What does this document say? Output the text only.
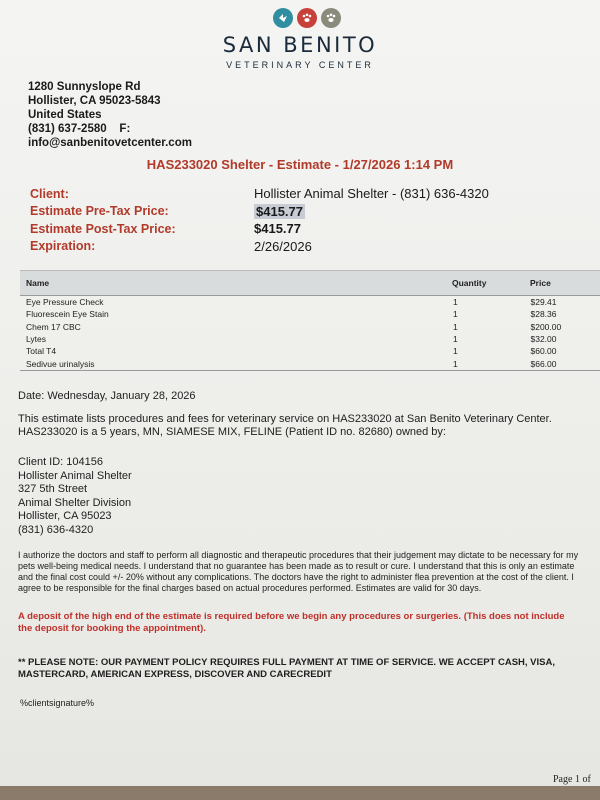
SAN BENITO
VETERINARY CENTER
1280 Sunnyslope Rd
Hollister, CA 95023-5843
United States
(831) 637-2580    F:
info@sanbenitovetcenter.com
HAS233020 Shelter - Estimate - 1/27/2026 1:14 PM
Client:	Hollister Animal Shelter - (831) 636-4320
Estimate Pre-Tax Price:	$415.77
Estimate Post-Tax Price:	$415.77
Expiration:	2/26/2026
Name	Quantity	Price
Eye Pressure Check	1	$29.41
Fluorescein Eye Stain	1	$28.36
Chem 17 CBC	1	$200.00
Lytes	1	$32.00
Total T4	1	$60.00
Sedivue urinalysis	1	$66.00
Date: Wednesday, January 28, 2026
This estimate lists procedures and fees for veterinary service on HAS233020 at San Benito Veterinary Center. HAS233020 is a 5 years, MN, SIAMESE MIX, FELINE (Patient ID no. 82680) owned by:
Client ID: 104156
Hollister Animal Shelter
327 5th Street
Animal Shelter Division
Hollister, CA 95023
(831) 636-4320
I authorize the doctors and staff to perform all diagnostic and therapeutic procedures that their judgement may dictate to be necessary for my pets well-being medical needs. I understand that no guarantee has been made as to result or cure. I understand that this is only an estimate and the final cost could +/- 20% without any complications. The doctors have the right to administer flea prevention at the cost of the client. I agree to be responsible for the final charges based on actual procedures performed. Estimates are valid for 30 days.
A deposit of the high end of the estimate is required before we begin any procedures or surgeries. (This does not include the deposit for booking the appointment).
** PLEASE NOTE: OUR PAYMENT POLICY REQUIRES FULL PAYMENT AT TIME OF SERVICE. WE ACCEPT CASH, VISA, MASTERCARD, AMERICAN EXPRESS, DISCOVER AND CARECREDIT
%clientsignature%
Page 1 of
